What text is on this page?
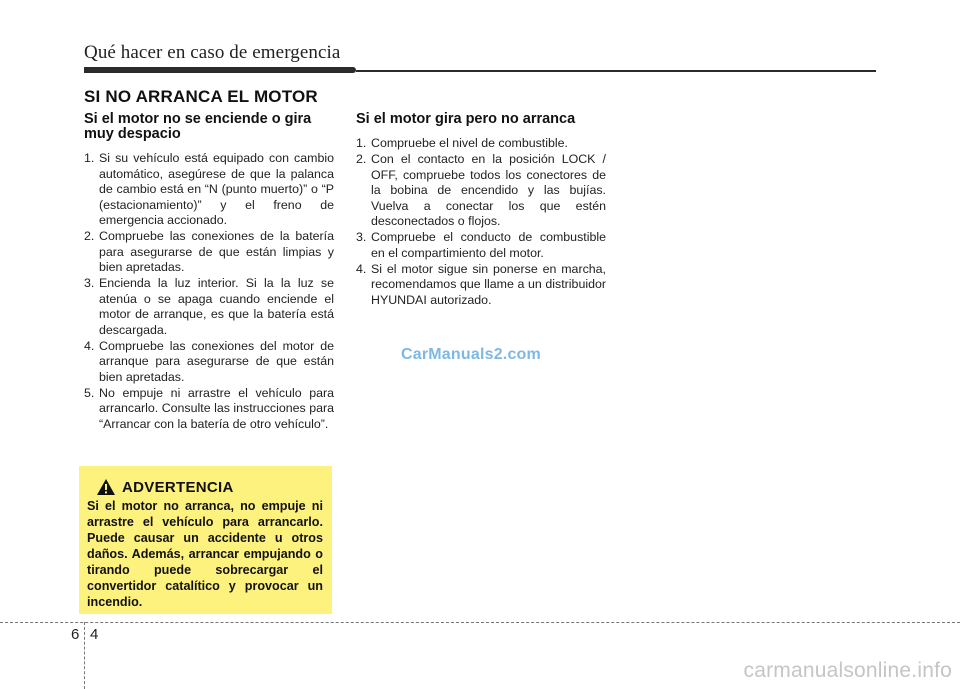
Qué hacer en caso de emergencia
SI NO ARRANCA EL MOTOR
Si el motor no se enciende o gira muy despacio
1. Si su vehículo está equipado con cambio automático, asegúrese de que la palanca de cambio está en “N (punto muerto)” o “P (estacionamiento)” y el freno de emergencia accionado.
2. Compruebe las conexiones de la batería para asegurarse de que están limpias y bien apretadas.
3. Encienda la luz interior. Si la la luz se atenúa o se apaga cuando enciende el motor de arranque, es que la batería está descargada.
4. Compruebe las conexiones del motor de arranque para asegurarse de que están bien apretadas.
5. No empuje ni arrastre el vehículo para arrancarlo. Consulte las instrucciones para “Arrancar con la batería de otro vehículo”.
Si el motor gira pero no arranca
1. Compruebe el nivel de combustible.
2. Con el contacto en la posición LOCK / OFF, compruebe todos los conectores de la bobina de encendido y las bujías. Vuelva a conectar los que estén desconectados o flojos.
3. Compruebe el conducto de combustible en el compartimiento del motor.
4. Si el motor sigue sin ponerse en marcha, recomendamos que llame a un distribuidor HYUNDAI autorizado.
ADVERTENCIA
Si el motor no arranca, no empuje ni arrastre el vehículo para arrancarlo. Puede causar un accidente u otros daños. Además, arrancar empujando o tirando puede sobrecargar el convertidor catalítico y provocar un incendio.
CarManuals2.com
6 4
carmanualsonline.info
